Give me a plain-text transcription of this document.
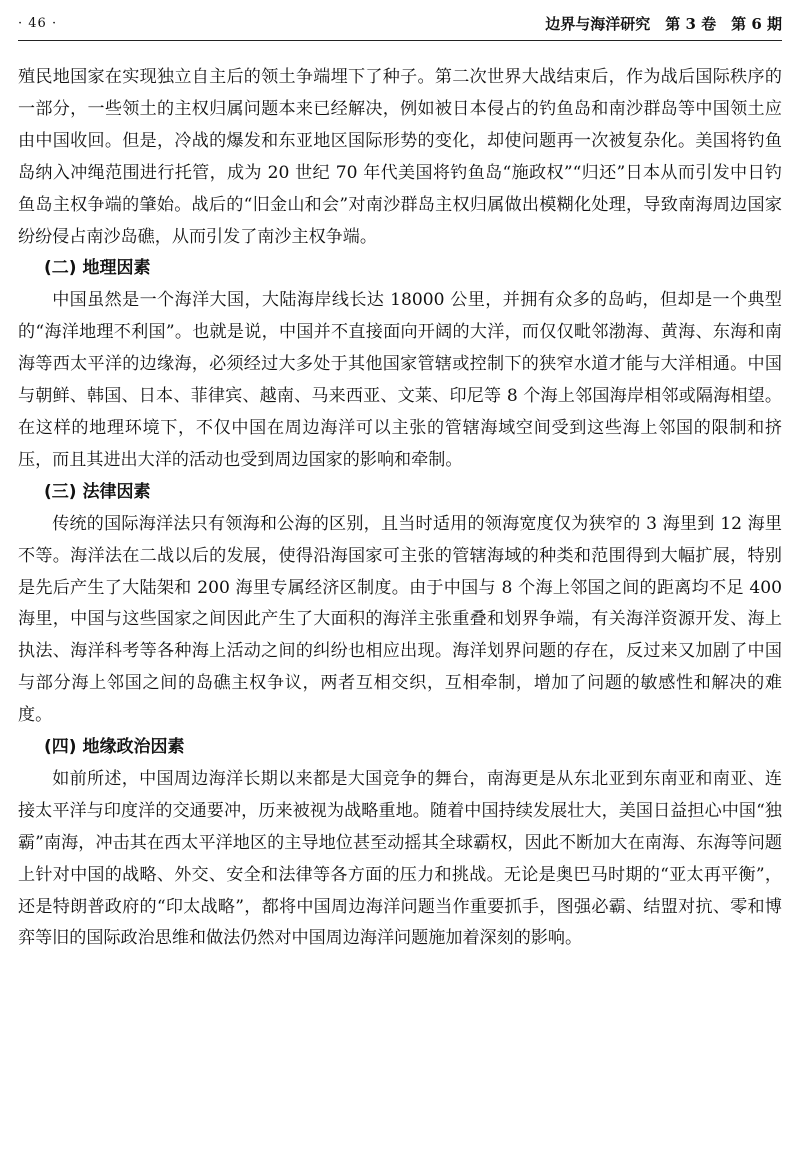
· 46 ·	边界与海洋研究　第 3 卷　第 6 期

殖民地国家在实现独立自主后的领土争端埋下了种子。第二次世界大战结束后，作为战后国际秩序的一部分，一些领土的主权归属问题本来已经解决，例如被日本侵占的钓鱼岛和南沙群岛等中国领土应由中国收回。但是，冷战的爆发和东亚地区国际形势的变化，却使问题再一次被复杂化。美国将钓鱼岛纳入冲绳范围进行托管，成为 20 世纪 70 年代美国将钓鱼岛“施政权”“归还”日本从而引发中日钓鱼岛主权争端的肇始。战后的“旧金山和会”对南沙群岛主权归属做出模糊化处理，导致南海周边国家纷纷侵占南沙岛礁，从而引发了南沙主权争端。

(二) 地理因素

中国虽然是一个海洋大国，大陆海岸线长达 18000 公里，并拥有众多的岛屿，但却是一个典型的“海洋地理不利国”。也就是说，中国并不直接面向开阔的大洋，而仅仅毗邻渤海、黄海、东海和南海等西太平洋的边缘海，必须经过大多处于其他国家管辖或控制下的狭窄水道才能与大洋相通。中国与朝鲜、韩国、日本、菲律宾、越南、马来西亚、文莱、印尼等 8 个海上邻国海岸相邻或隔海相望。在这样的地理环境下，不仅中国在周边海洋可以主张的管辖海域空间受到这些海上邻国的限制和挤压，而且其进出大洋的活动也受到周边国家的影响和牵制。

(三) 法律因素

传统的国际海洋法只有领海和公海的区别，且当时适用的领海宽度仅为狭窄的 3 海里到 12 海里不等。海洋法在二战以后的发展，使得沿海国家可主张的管辖海域的种类和范围得到大幅扩展，特别是先后产生了大陆架和 200 海里专属经济区制度。由于中国与 8 个海上邻国之间的距离均不足 400 海里，中国与这些国家之间因此产生了大面积的海洋主张重叠和划界争端，有关海洋资源开发、海上执法、海洋科考等各种海上活动之间的纠纷也相应出现。海洋划界问题的存在，反过来又加剧了中国与部分海上邻国之间的岛礁主权争议，两者互相交织，互相牵制，增加了问题的敏感性和解决的难度。

(四) 地缘政治因素

如前所述，中国周边海洋长期以来都是大国竞争的舞台，南海更是从东北亚到东南亚和南亚、连接太平洋与印度洋的交通要冲，历来被视为战略重地。随着中国持续发展壮大，美国日益担心中国“独霸”南海，冲击其在西太平洋地区的主导地位甚至动摇其全球霸权，因此不断加大在南海、东海等问题上针对中国的战略、外交、安全和法律等各方面的压力和挑战。无论是奥巴马时期的“亚太再平衡”，还是特朗普政府的“印太战略”，都将中国周边海洋问题当作重要抓手，图强必霸、结盟对抗、零和博弈等旧的国际政治思维和做法仍然对中国周边海洋问题施加着深刻的影响。
